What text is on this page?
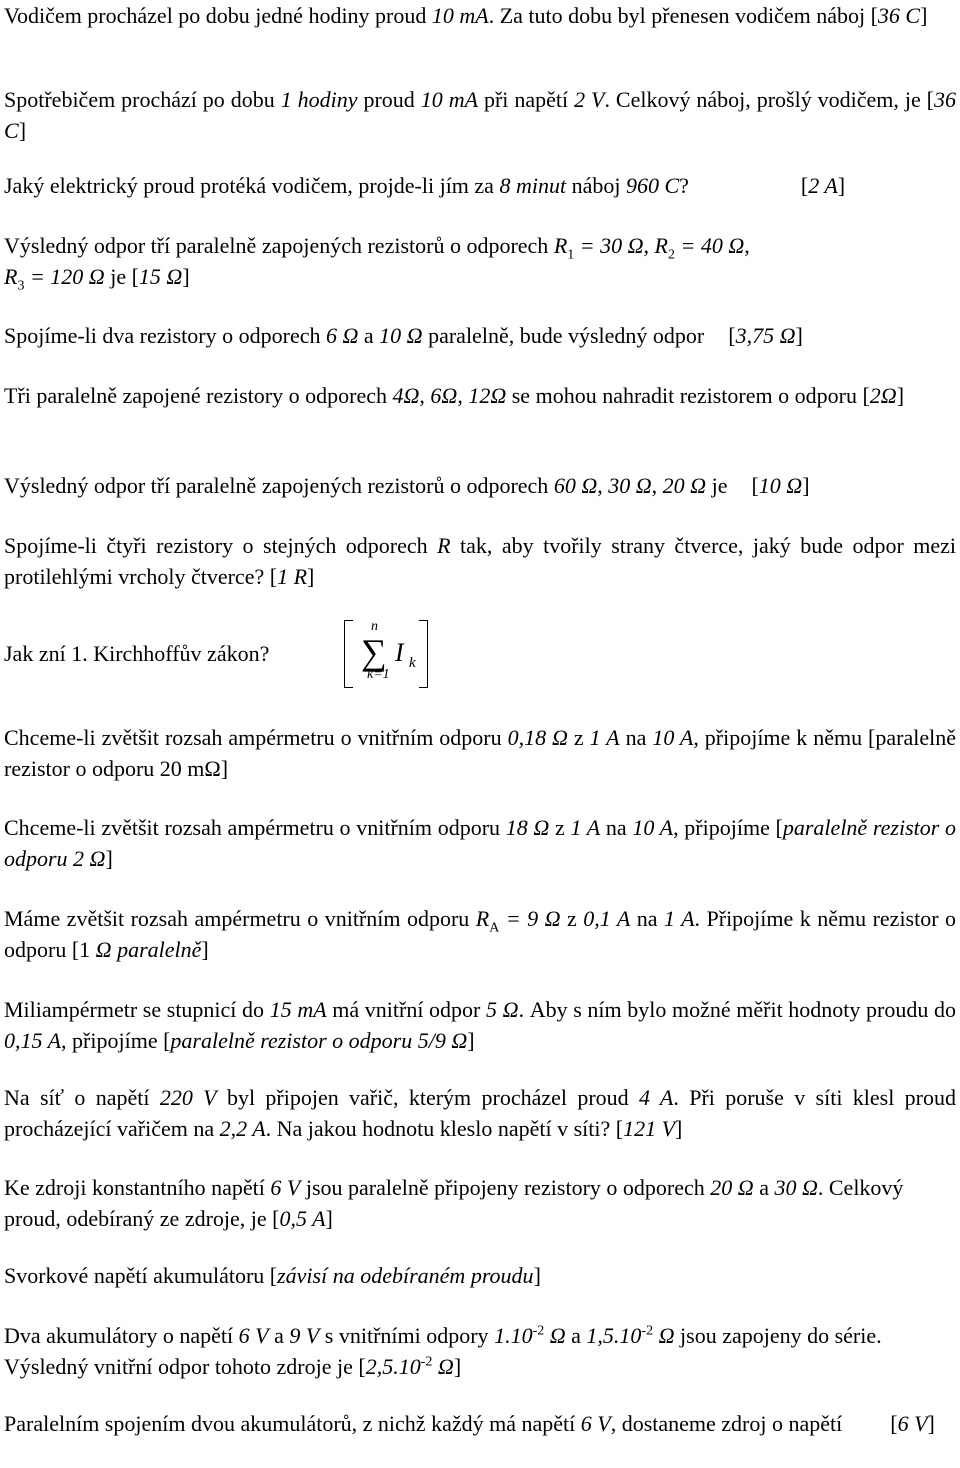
Vodičem procházel po dobu jedné hodiny proud 10 mA. Za tuto dobu byl přenesen vodičem náboj [36 C]

Spotřebičem prochází po dobu 1 hodiny proud 10 mA při napětí 2 V. Celkový náboj, prošlý vodičem, je [36 C]

Jaký elektrický proud protéká vodičem, projde-li jím za 8 minut náboj 960 C?	[2 A]

Výsledný odpor tří paralelně zapojených rezistorů o odporech $R_1 = 30$ Ω, $R_2 = 40$ Ω,
$R_3 = 120$ Ω je [15 Ω]

Spojíme-li dva rezistory o odporech 6 Ω a 10 Ω paralelně, bude výsledný odpor [3,75 Ω]

Tři paralelně zapojené rezistory o odporech 4Ω, 6Ω, 12Ω se mohou nahradit rezistorem o odporu [2Ω]

Výsledný odpor tří paralelně zapojených rezistorů o odporech 60 Ω, 30 Ω, 20 Ω je [10 Ω]

Spojíme-li čtyři rezistory o stejných odporech R tak, aby tvořily strany čtverce, jaký bude odpor mezi protilehlými vrcholy čtverce? [1 R]

Jak zní 1. Kirchhoffův zákon?

n
∑
k=1
I k

Chceme-li zvětšit rozsah ampérmetru o vnitřním odporu 0,18 Ω z 1 A na 10 A, připojíme k němu [paralelně rezistor o odporu 20 mΩ]

Chceme-li zvětšit rozsah ampérmetru o vnitřním odporu 18 Ω z 1 A na 10 A, připojíme [paralelně rezistor o odporu 2 Ω]

Máme zvětšit rozsah ampérmetru o vnitřním odporu $R_A = 9$ Ω z 0,1 A na 1 A. Připojíme k němu rezistor o odporu [1 Ω paralelně]

Miliampérmetr se stupnicí do 15 mA má vnitřní odpor 5 Ω. Aby s ním bylo možné měřit hodnoty proudu do 0,15 A, připojíme [paralelně rezistor o odporu 5/9 Ω]

Na síť o napětí 220 V byl připojen vařič, kterým procházel proud 4 A. Při poruše v síti klesl proud procházející vařičem na 2,2 A. Na jakou hodnotu kleslo napětí v síti? [121 V]

Ke zdroji konstantního napětí 6 V jsou paralelně připojeny rezistory o odporech 20 Ω a 30 Ω. Celkový proud, odebíraný ze zdroje, je [0,5 A]

Svorkové napětí akumulátoru [závisí na odebíraném proudu]

Dva akumulátory o napětí 6 V a 9 V s vnitřními odpory $1.10^{-2}$ Ω a $1,5.10^{-2}$ Ω jsou zapojeny do série. Výsledný vnitřní odpor tohoto zdroje je [$2,5.10^{-2}$ Ω]

Paralelním spojením dvou akumulátorů, z nichž každý má napětí 6 V, dostaneme zdroj o napětí [6 V]
